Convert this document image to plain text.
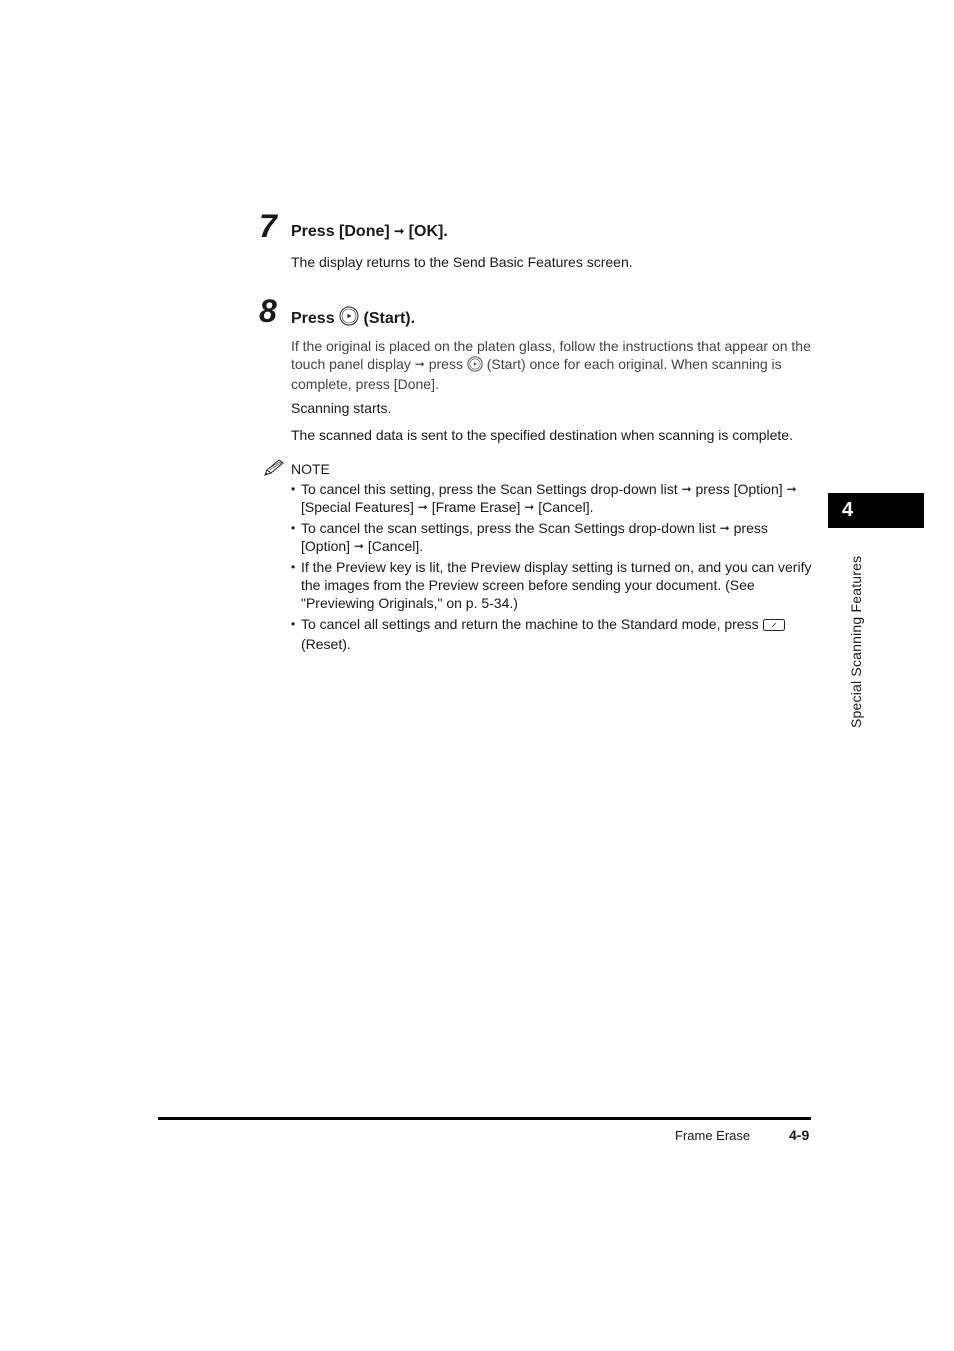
7 Press [Done] ➞ [OK].
The display returns to the Send Basic Features screen.
8 Press (Start).
If the original is placed on the platen glass, follow the instructions that appear on the touch panel display ➞ press (Start) once for each original. When scanning is complete, press [Done].
Scanning starts.
The scanned data is sent to the specified destination when scanning is complete.
NOTE
• To cancel this setting, press the Scan Settings drop-down list ➞ press [Option] ➞ [Special Features] ➞ [Frame Erase] ➞ [Cancel].
• To cancel the scan settings, press the Scan Settings drop-down list ➞ press [Option] ➞ [Cancel].
• If the Preview key is lit, the Preview display setting is turned on, and you can verify the images from the Preview screen before sending your document. (See "Previewing Originals," on p. 5-34.)
• To cancel all settings and return the machine to the Standard mode, press  (Reset).
4
Special Scanning Features
Frame Erase	4-9
